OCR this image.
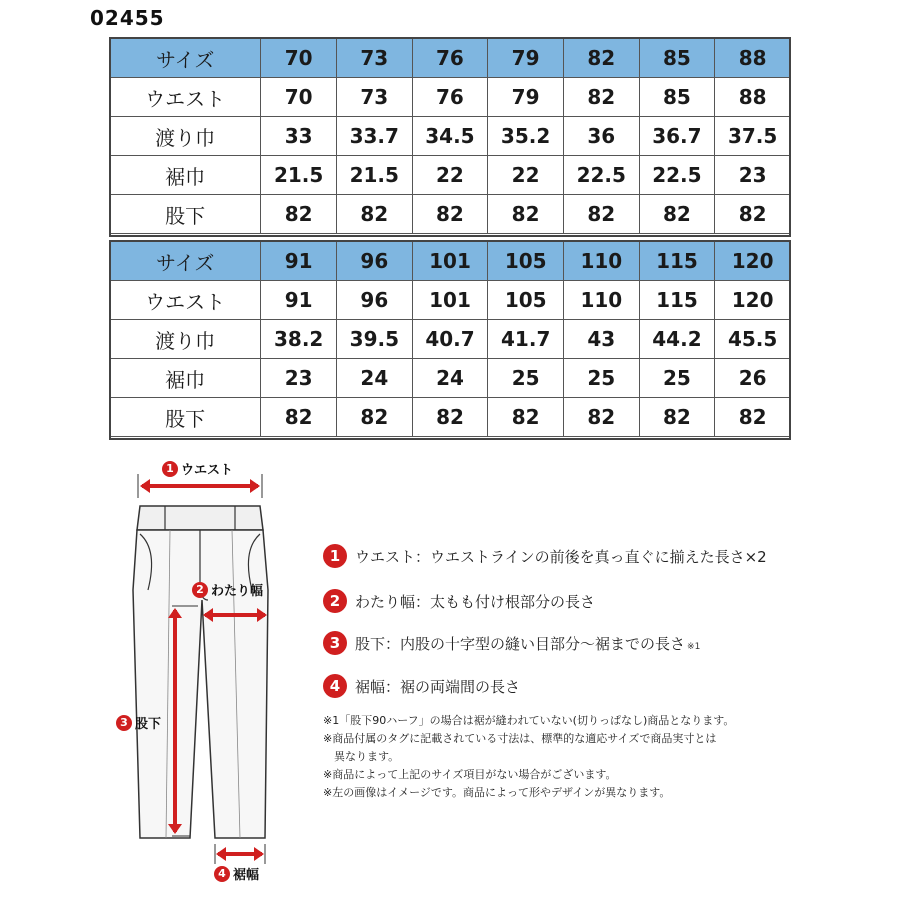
02455
サイズ	70	73	76	79	82	85	88
ウエスト	70	73	76	79	82	85	88
渡り巾	33	33.7	34.5	35.2	36	36.7	37.5
裾巾	21.5	21.5	22	22	22.5	22.5	23
股下	82	82	82	82	82	82	82
サイズ	91	96	101	105	110	115	120
ウエスト	91	96	101	105	110	115	120
渡り巾	38.2	39.5	40.7	41.7	43	44.2	45.5
裾巾	23	24	24	25	25	25	26
股下	82	82	82	82	82	82	82
1 ウエスト
2 わたり幅
3 股下
4 裾幅
1 ウエスト：ウエストラインの前後を真っ直ぐに揃えた長さ×2
2 わたり幅：太もも付け根部分の長さ
3 股下：内股の十字型の縫い目部分～裾までの長さ ※1
4 裾幅：裾の両端間の長さ
※1「股下90ハーフ」の場合は裾が縫われていない(切りっぱなし)商品となります。
※商品付属のタグに記載されている寸法は、標準的な適応サイズで商品実寸とは
異なります。
※商品によって上記のサイズ項目がない場合がございます。
※左の画像はイメージです。商品によって形やデザインが異なります。
